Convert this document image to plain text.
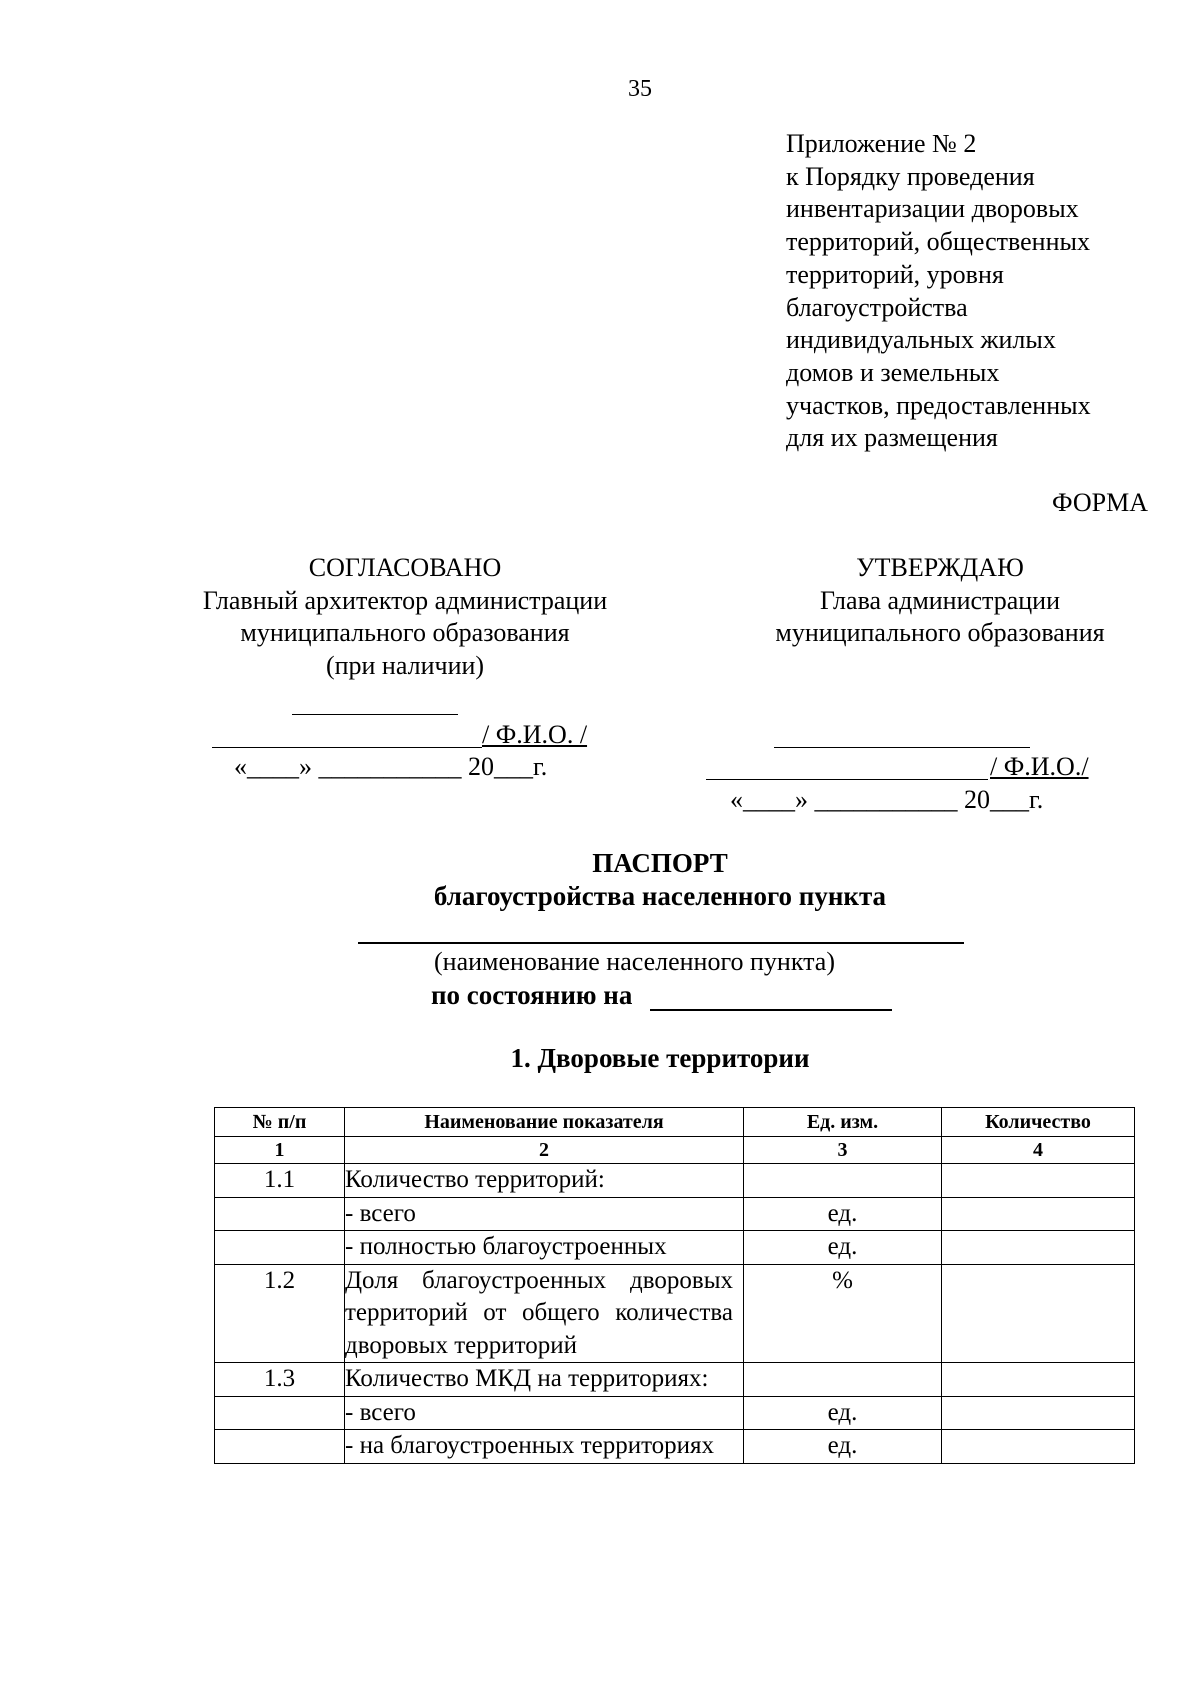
35
Приложение № 2
к Порядку проведения
инвентаризации дворовых
территорий, общественных
территорий, уровня
благоустройства
индивидуальных жилых
домов и земельных
участков, предоставленных
для их размещения
ФОРМА
СОГЛАСОВАНО
Главный архитектор администрации
муниципального образования
(при наличии)
/ Ф.И.О. /
«____» ___________ 20___г.
УТВЕРЖДАЮ
Глава администрации
муниципального образования
/ Ф.И.О./
«____» ___________ 20___г.
ПАСПОРТ
благоустройства населенного пункта
(наименование населенного пункта)
по состоянию на
1. Дворовые территории
№ п/п	Наименование показателя	Ед. изм.	Количество
1	2	3	4
1.1	Количество территорий:		
	- всего	ед.	
	- полностью благоустроенных	ед.	
1.2	Доля благоустроенных дворовых территорий от общего количества дворовых территорий	%	
1.3	Количество МКД на территориях:		
	- всего	ед.	
	- на благоустроенных территориях	ед.	
